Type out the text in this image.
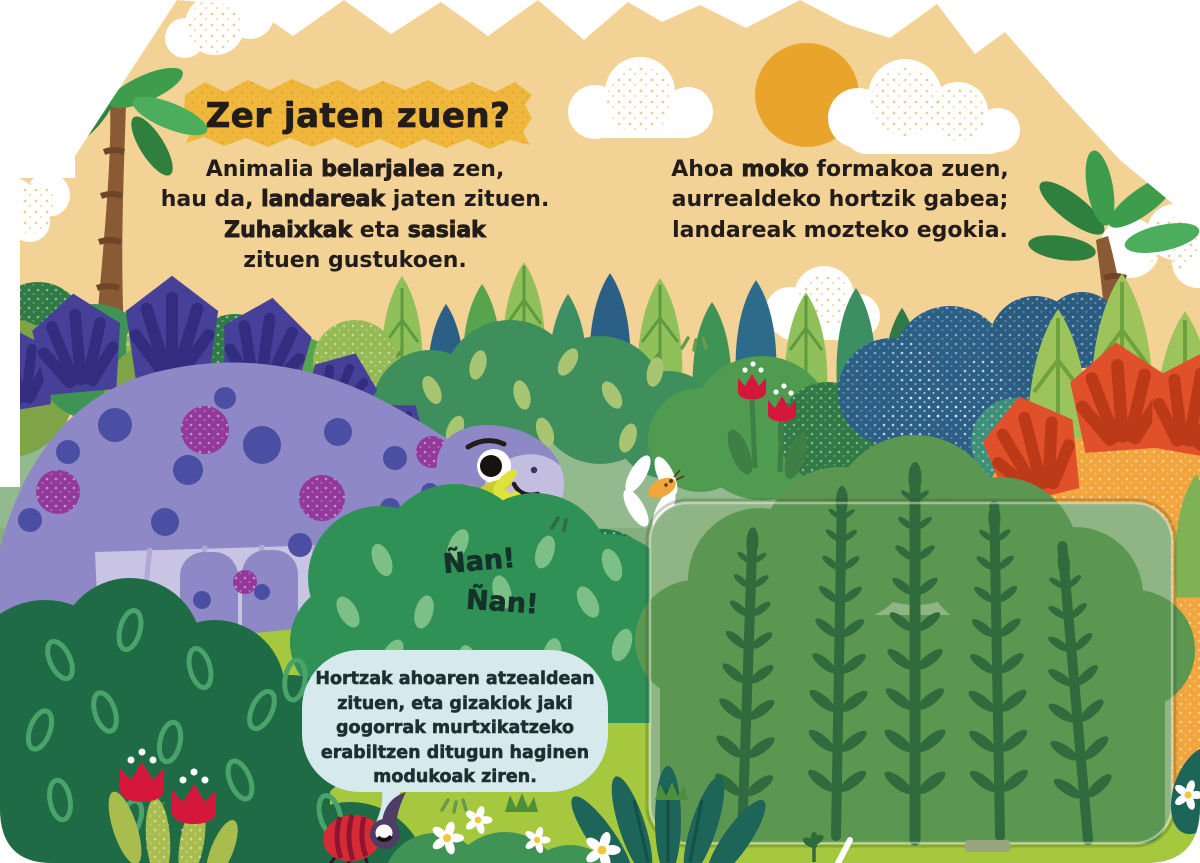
Zer jaten zuen?
Animalia belarjalea zen,
hau da, landareak jaten zituen.
Zuhaixkak eta sasiak
zituen gustukoen.
Ahoa moko formakoa zuen,
aurrealdeko hortzik gabea;
landareak mozteko egokia.
Ñan!
Ñan!
Hortzak ahoaren atzealdean
zituen, eta gizakiok jaki
gogorrak murtxikatzeko
erabiltzen ditugun haginen
modukoak ziren.
